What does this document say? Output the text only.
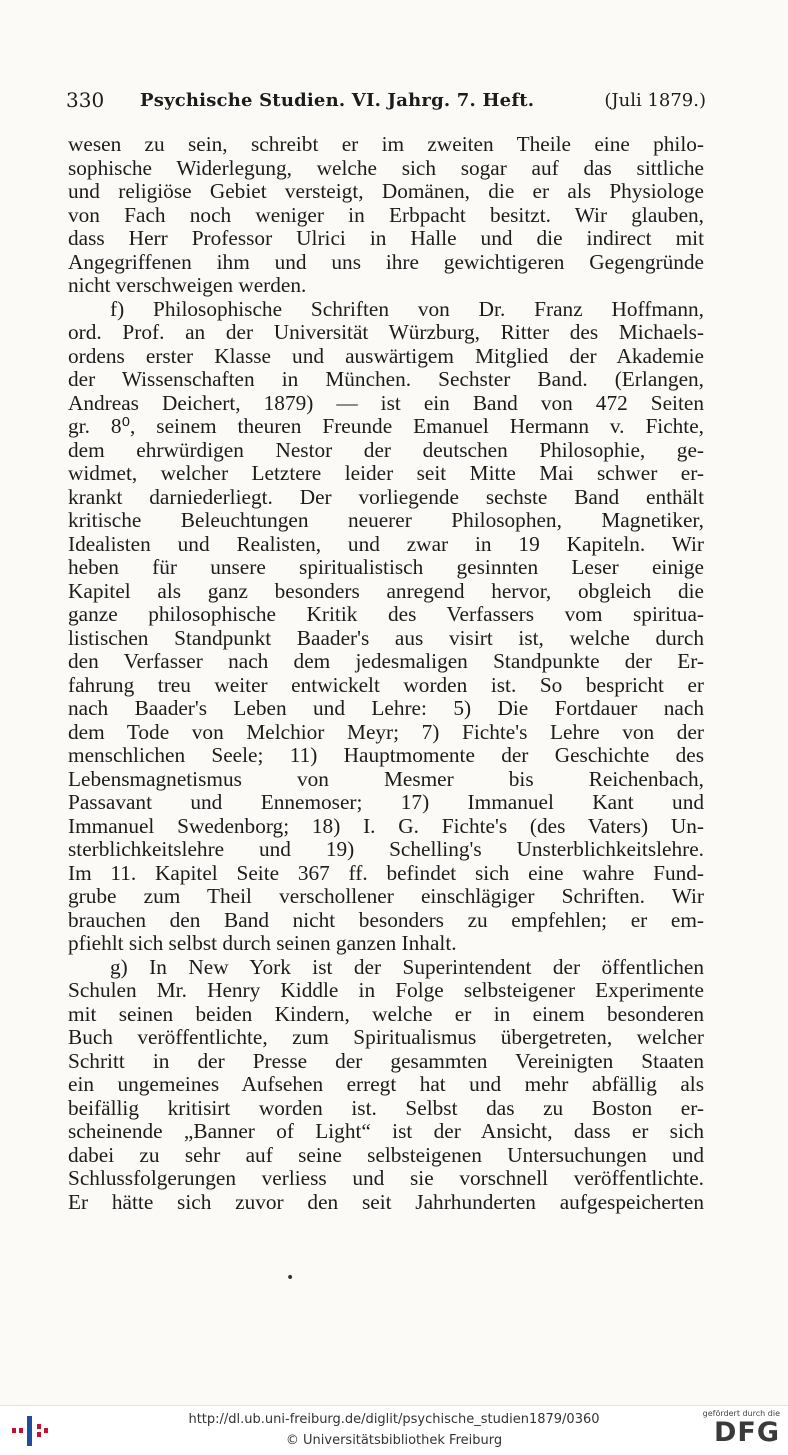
330 Psychische Studien. VI. Jahrg. 7. Heft.	(Juli 1879.)
wesen zu sein, schreibt er im zweiten Theile eine philo-
sophische Widerlegung, welche sich sogar auf das sittliche
und religiöse Gebiet versteigt, Domänen, die er als Physiologe
von Fach noch weniger in Erbpacht besitzt. Wir glauben,
dass Herr Professor Ulrici in Halle und die indirect mit
Angegriffenen ihm und uns ihre gewichtigeren Gegengründe
nicht verschweigen werden.
f) Philosophische Schriften von Dr. Franz Hoffmann,
ord. Prof. an der Universität Würzburg, Ritter des Michaels-
ordens erster Klasse und auswärtigem Mitglied der Akademie
der Wissenschaften in München. Sechster Band. (Erlangen,
Andreas Deichert, 1879) — ist ein Band von 472 Seiten
gr. 8⁰, seinem theuren Freunde Emanuel Hermann v. Fichte,
dem ehrwürdigen Nestor der deutschen Philosophie, ge-
widmet, welcher Letztere leider seit Mitte Mai schwer er-
krankt darniederliegt. Der vorliegende sechste Band enthält
kritische Beleuchtungen neuerer Philosophen, Magnetiker,
Idealisten und Realisten, und zwar in 19 Kapiteln. Wir
heben für unsere spiritualistisch gesinnten Leser einige
Kapitel als ganz besonders anregend hervor, obgleich die
ganze philosophische Kritik des Verfassers vom spiritua-
listischen Standpunkt Baader's aus visirt ist, welche durch
den Verfasser nach dem jedesmaligen Standpunkte der Er-
fahrung treu weiter entwickelt worden ist. So bespricht er
nach Baader's Leben und Lehre: 5) Die Fortdauer nach
dem Tode von Melchior Meyr; 7) Fichte's Lehre von der
menschlichen Seele; 11) Hauptmomente der Geschichte des
Lebensmagnetismus von Mesmer bis Reichenbach,
Passavant und Ennemoser; 17) Immanuel Kant und
Immanuel Swedenborg; 18) I. G. Fichte's (des Vaters) Un-
sterblichkeitslehre und 19) Schelling's Unsterblichkeitslehre.
Im 11. Kapitel Seite 367 ff. befindet sich eine wahre Fund-
grube zum Theil verschollener einschlägiger Schriften. Wir
brauchen den Band nicht besonders zu empfehlen; er em-
pfiehlt sich selbst durch seinen ganzen Inhalt.
g) In New York ist der Superintendent der öffentlichen
Schulen Mr. Henry Kiddle in Folge selbsteigener Experimente
mit seinen beiden Kindern, welche er in einem besonderen
Buch veröffentlichte, zum Spiritualismus übergetreten, welcher
Schritt in der Presse der gesammten Vereinigten Staaten
ein ungemeines Aufsehen erregt hat und mehr abfällig als
beifällig kritisirt worden ist. Selbst das zu Boston er-
scheinende „Banner of Light“ ist der Ansicht, dass er sich
dabei zu sehr auf seine selbsteigenen Untersuchungen und
Schlussfolgerungen verliess und sie vorschnell veröffentlichte.
Er hätte sich zuvor den seit Jahrhunderten aufgespeicherten
•
http://dl.ub.uni-freiburg.de/diglit/psychische_studien1879/0360
© Universitätsbibliothek Freiburg
gefördert durch die
DFG
